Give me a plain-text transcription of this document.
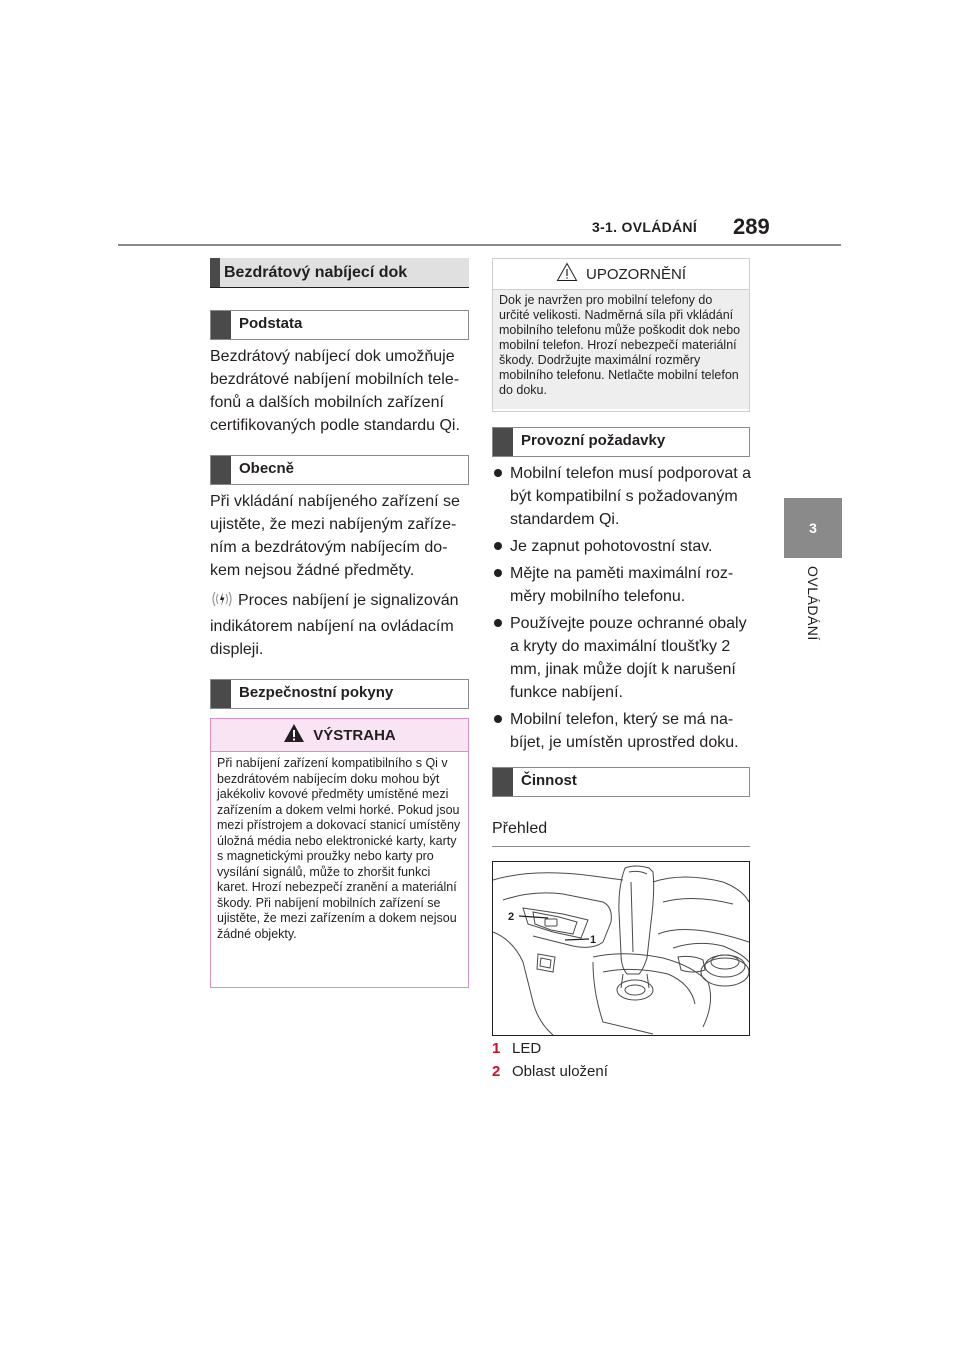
3-1. OVLÁDÁNÍ 289
3
OVLÁDÁNÍ
Bezdrátový nabíjecí dok
Podstata
Bezdrátový nabíjecí dok umožňuje bezdrátové nabíjení mobilních telefonů a dalších mobilních zařízení certifikovaných podle standardu Qi.
Obecně
Při vkládání nabíjeného zařízení se ujistěte, že mezi nabíjeným zařízením a bezdrátovým nabíjecím dokem nejsou žádné předměty.
Proces nabíjení je signalizován indikátorem nabíjení na ovládacím displeji.
Bezpečnostní pokyny
VÝSTRAHA
Při nabíjení zařízení kompatibilního s Qi v bezdrátovém nabíjecím doku mohou být jakékoliv kovové předměty umístěné mezi zařízením a dokem velmi horké. Pokud jsou mezi přístrojem a dokovací stanicí umístěny úložná média nebo elektronické karty, karty s magnetickými proužky nebo karty pro vysílání signálů, může to zhoršit funkci karet. Hrozí nebezpečí zranění a materiální škody. Při nabíjení mobilních zařízení se ujistěte, že mezi zařízením a dokem nejsou žádné objekty.
UPOZORNĚNÍ
Dok je navržen pro mobilní telefony do určité velikosti. Nadměrná síla při vkládání mobilního telefonu může poškodit dok nebo mobilní telefon. Hrozí nebezpečí materiální škody. Dodržujte maximální rozměry mobilního telefonu. Netlačte mobilní telefon do doku.
Provozní požadavky
Mobilní telefon musí podporovat a být kompatibilní s požadovaným standardem Qi.
Je zapnut pohotovostní stav.
Mějte na paměti maximální rozměry mobilního telefonu.
Používejte pouze ochranné obaly a kryty do maximální tloušťky 2 mm, jinak může dojít k narušení funkce nabíjení.
Mobilní telefon, který se má nabíjet, je umístěn uprostřed doku.
Činnost
Přehled
2
1
1 LED
2 Oblast uložení
